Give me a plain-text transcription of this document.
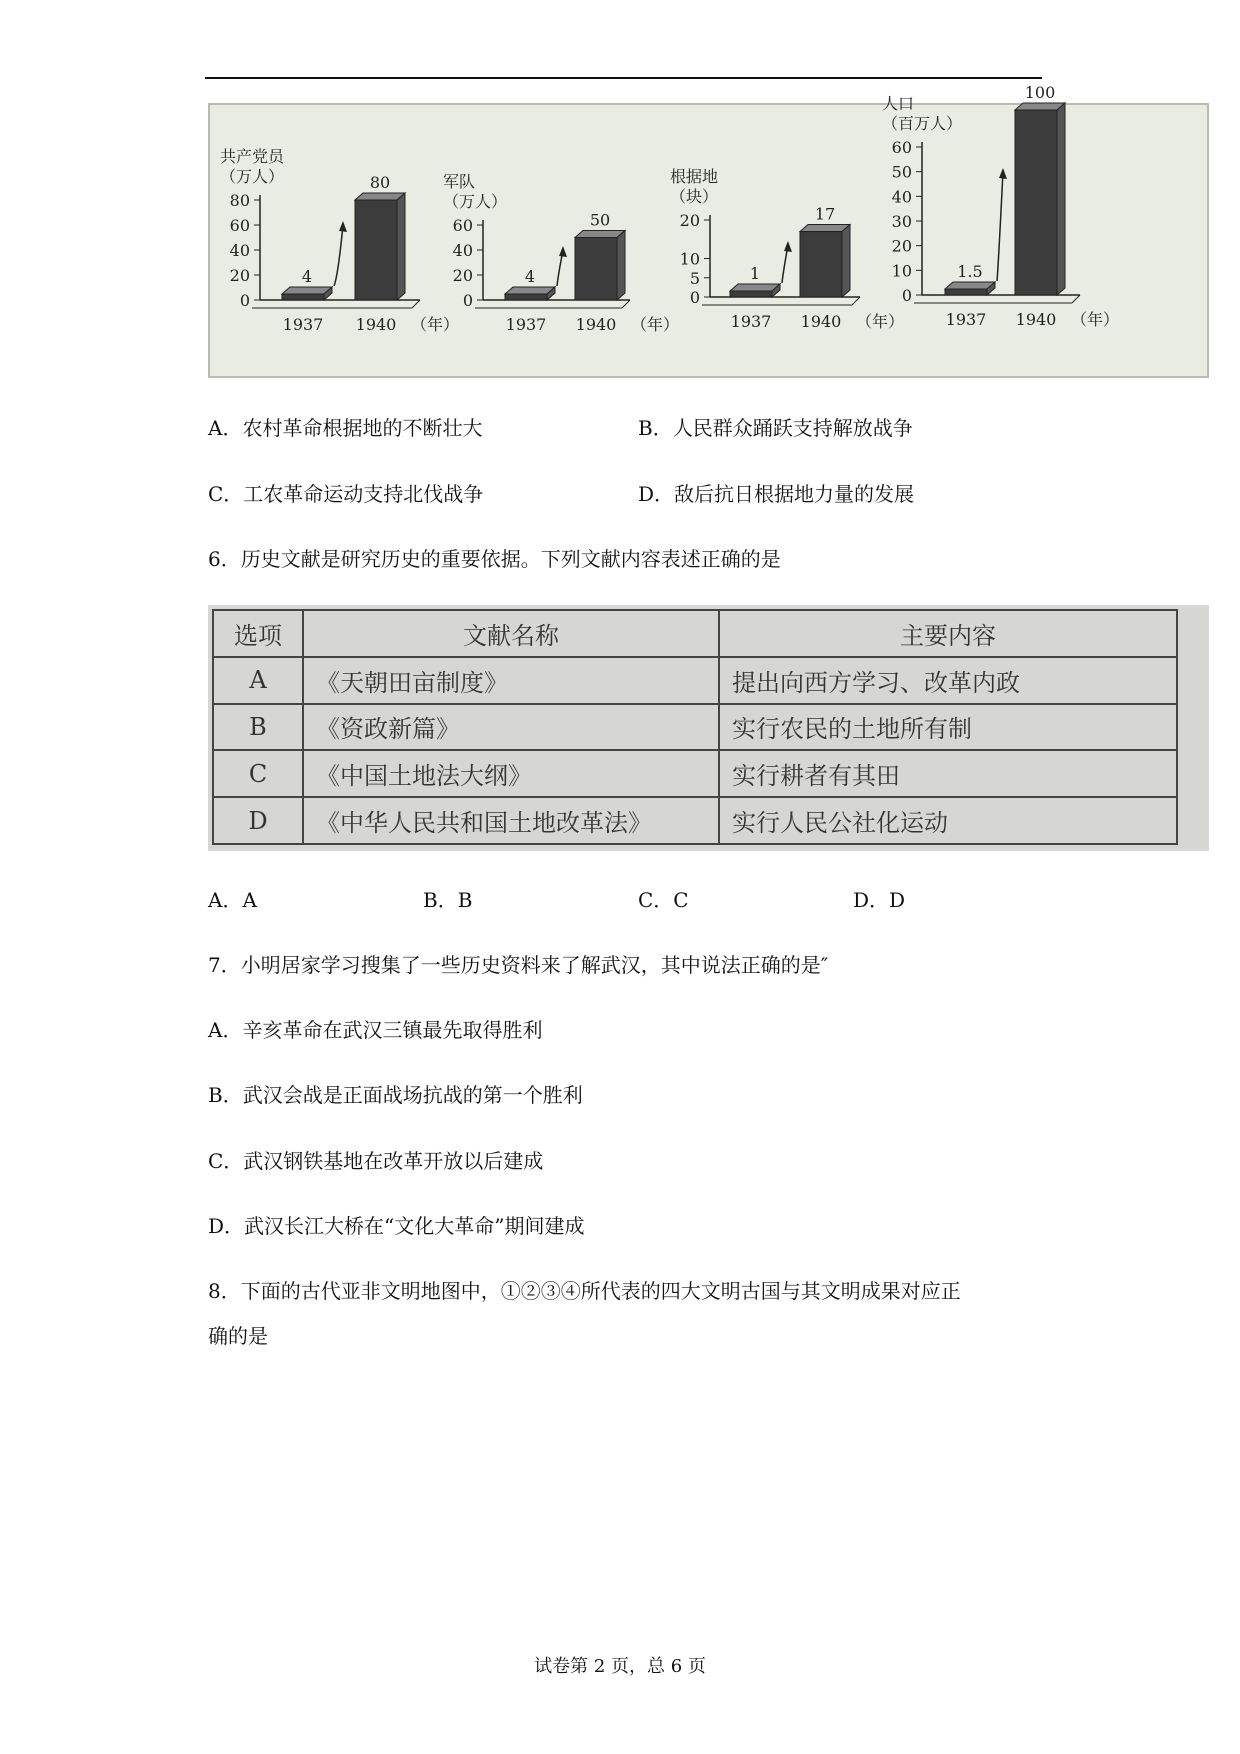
共产党员
（万人）
80
60
40
20
0
4
1937
80
1940 （年）
军队
（万人）
60
40
20
0
4
1937
50
1940 （年）
根据地
（块）
20
10
5
0
1
1937
17
1940 （年）
人口
（百万人）
60
50
40
30
20
10
0
1.5
1937
100
1940 （年）
A．农村革命根据地的不断壮大	B．人民群众踊跃支持解放战争
C．工农革命运动支持北伐战争	D．敌后抗日根据地力量的发展
6．历史文献是研究历史的重要依据。下列文献内容表述正确的是
选项	文献名称	主要内容
A	《天朝田亩制度》	提出向西方学习、改革内政
B	《资政新篇》	实行农民的土地所有制
C	《中国土地法大纲》	实行耕者有其田
D	《中华人民共和国土地改革法》	实行人民公社化运动
A．A	B．B	C．C	D．D
7．小明居家学习搜集了一些历史资料来了解武汉，其中说法正确的是″
A．辛亥革命在武汉三镇最先取得胜利
B．武汉会战是正面战场抗战的第一个胜利
C．武汉钢铁基地在改革开放以后建成
D．武汉长江大桥在“文化大革命”期间建成
8．下面的古代亚非文明地图中，①②③④所代表的四大文明古国与其文明成果对应正
确的是
试卷第 2 页，总 6 页
